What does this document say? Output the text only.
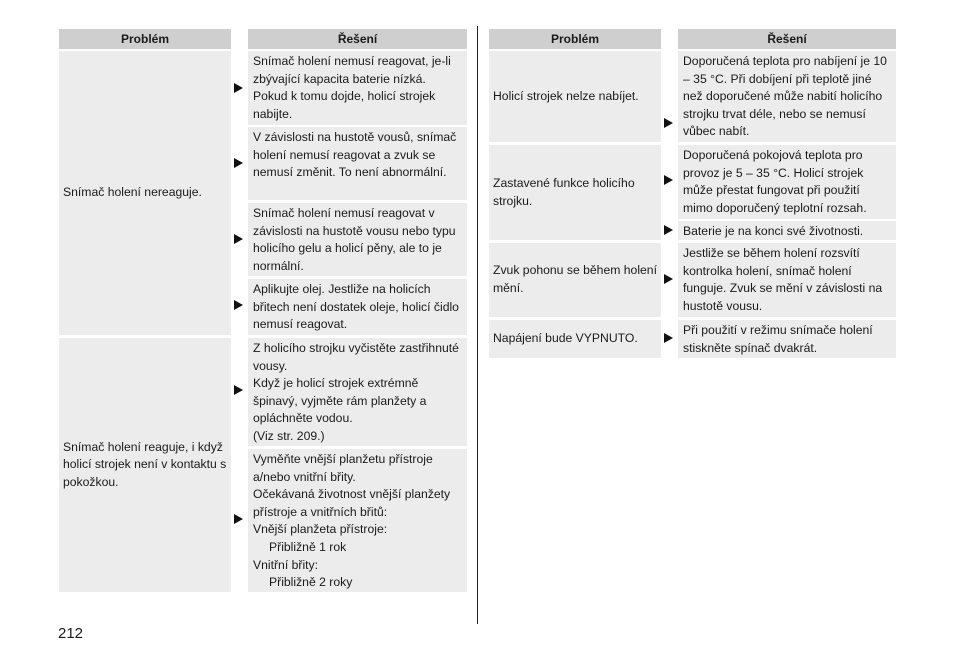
Problém	Řešení
Snímač holení nereaguje.
Snímač holení nemusí reagovat, je-li zbývající kapacita baterie nízká. Pokud k tomu dojde, holicí strojek nabijte.
V závislosti na hustotě vousů, snímač holení nemusí reagovat a zvuk se nemusí změnit. To není abnormální.
Snímač holení nemusí reagovat v závislosti na hustotě vousu nebo typu holicího gelu a holicí pěny, ale to je normální.
Aplikujte olej. Jestliže na holicích břitech není dostatek oleje, holicí čidlo nemusí reagovat.
Snímač holení reaguje, i když holicí strojek není v kontaktu s pokožkou.
Z holicího strojku vyčistěte zastřihnuté vousy.
Když je holicí strojek extrémně špinavý, vyjměte rám planžety a opláchněte vodou.
(Viz str. 209.)
Vyměňte vnější planžetu přístroje a/nebo vnitřní břity.
Očekávaná životnost vnější planžety přístroje a vnitřních břitů:
Vnější planžeta přístroje:
Přibližně 1 rok
Vnitřní břity:
Přibližně 2 roky
Problém	Řešení
Holicí strojek nelze nabíjet.
Doporučená teplota pro nabíjení je 10 – 35 °C. Při dobíjení při teplotě jiné než doporučené může nabití holicího strojku trvat déle, nebo se nemusí vůbec nabít.
Zastavené funkce holicího strojku.
Doporučená pokojová teplota pro provoz je 5 – 35 °C. Holicí strojek může přestat fungovat při použití mimo doporučený teplotní rozsah.
Baterie je na konci své životnosti.
Zvuk pohonu se během holení mění.
Jestliže se během holení rozsvítí kontrolka holení, snímač holení funguje. Zvuk se mění v závislosti na hustotě vousu.
Napájení bude VYPNUTO.
Při použití v režimu snímače holení stiskněte spínač dvakrát.
212
